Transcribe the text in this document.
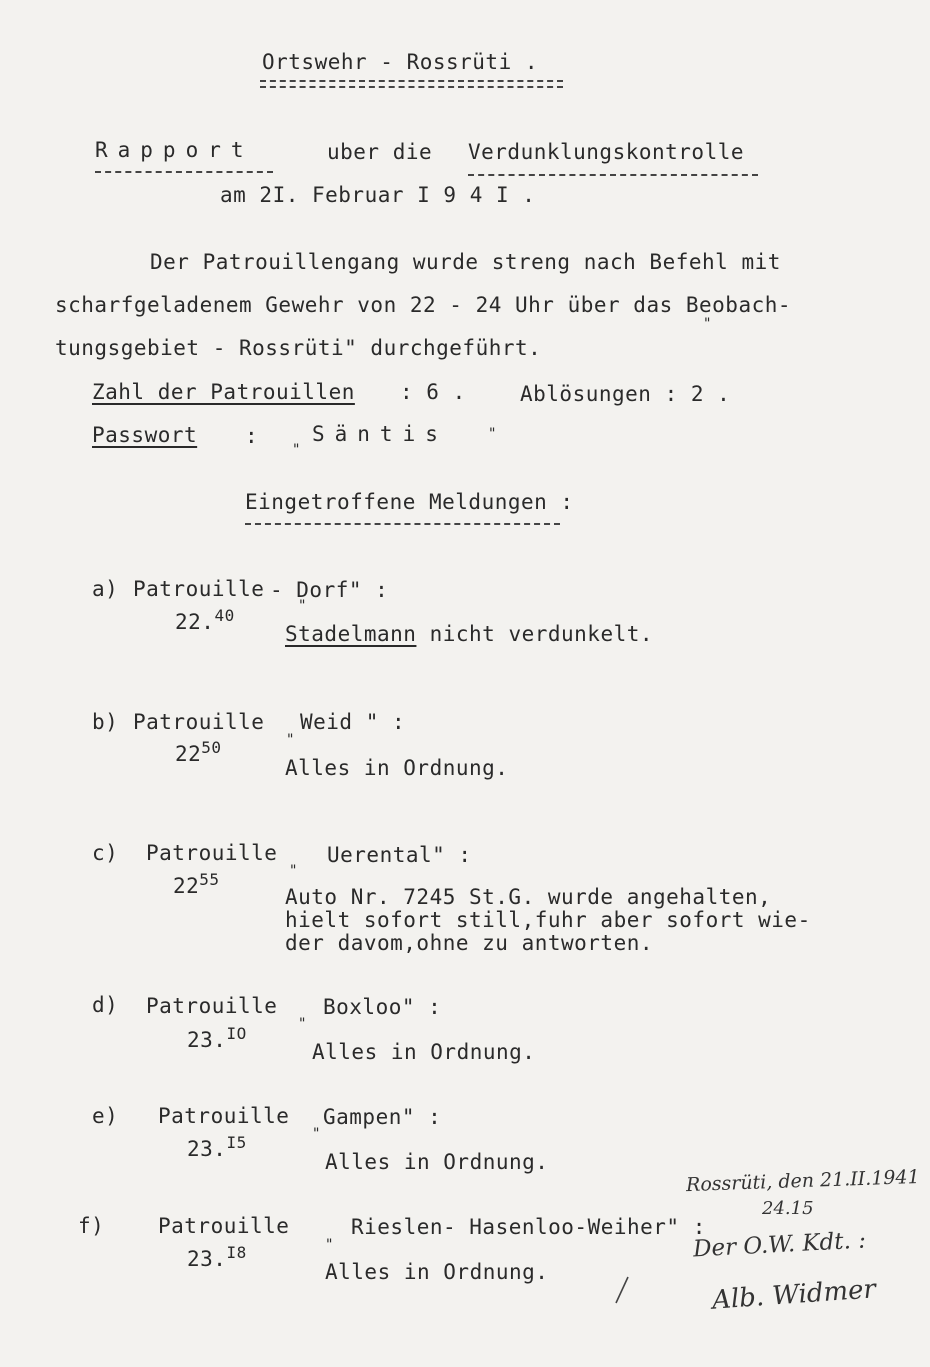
Ortswehr - Rossrüti .
Rapport	uber die Verdunklungskontrolle
am 2I. Februar I 9 4 I .
Der Patrouillengang wurde streng nach Befehl mit
scharfgeladenem Gewehr von 22 - 24 Uhr über das Beobach-
"
tungsgebiet - Rossrüti" durchgeführt.
Zahl der Patrouillen : 6 .	Ablösungen : 2 .
Passwort :
"
Säntis	"
Eingetroffene Meldungen :
a) Patrouille - Dorf" :
"
22.40
Stadelmann nicht verdunkelt.
b) Patrouille Weid " :
"
$22^{50}$
Alles in Ordnung.
c) Patrouille Uerental" :
"
$22^{55}$
Auto Nr. 7245 St.G. wurde angehalten,
hielt sofort still,fuhr aber sofort wie-
der davom,ohne zu antworten.
d) Patrouille Boxloo" :
"
23.$^{IO}$
Alles in Ordnung.
e) Patrouille Gampen" :
"
23.$^{I5}$
Alles in Ordnung.
f)	Patrouille	Rieslen- Hasenloo-Weiher" :
"
23.$^{I8}$
Alles in Ordnung.
Rossrüti, den 21.II.1941
24.15
Der O.W. Kdt. :
Alb. Widmer
